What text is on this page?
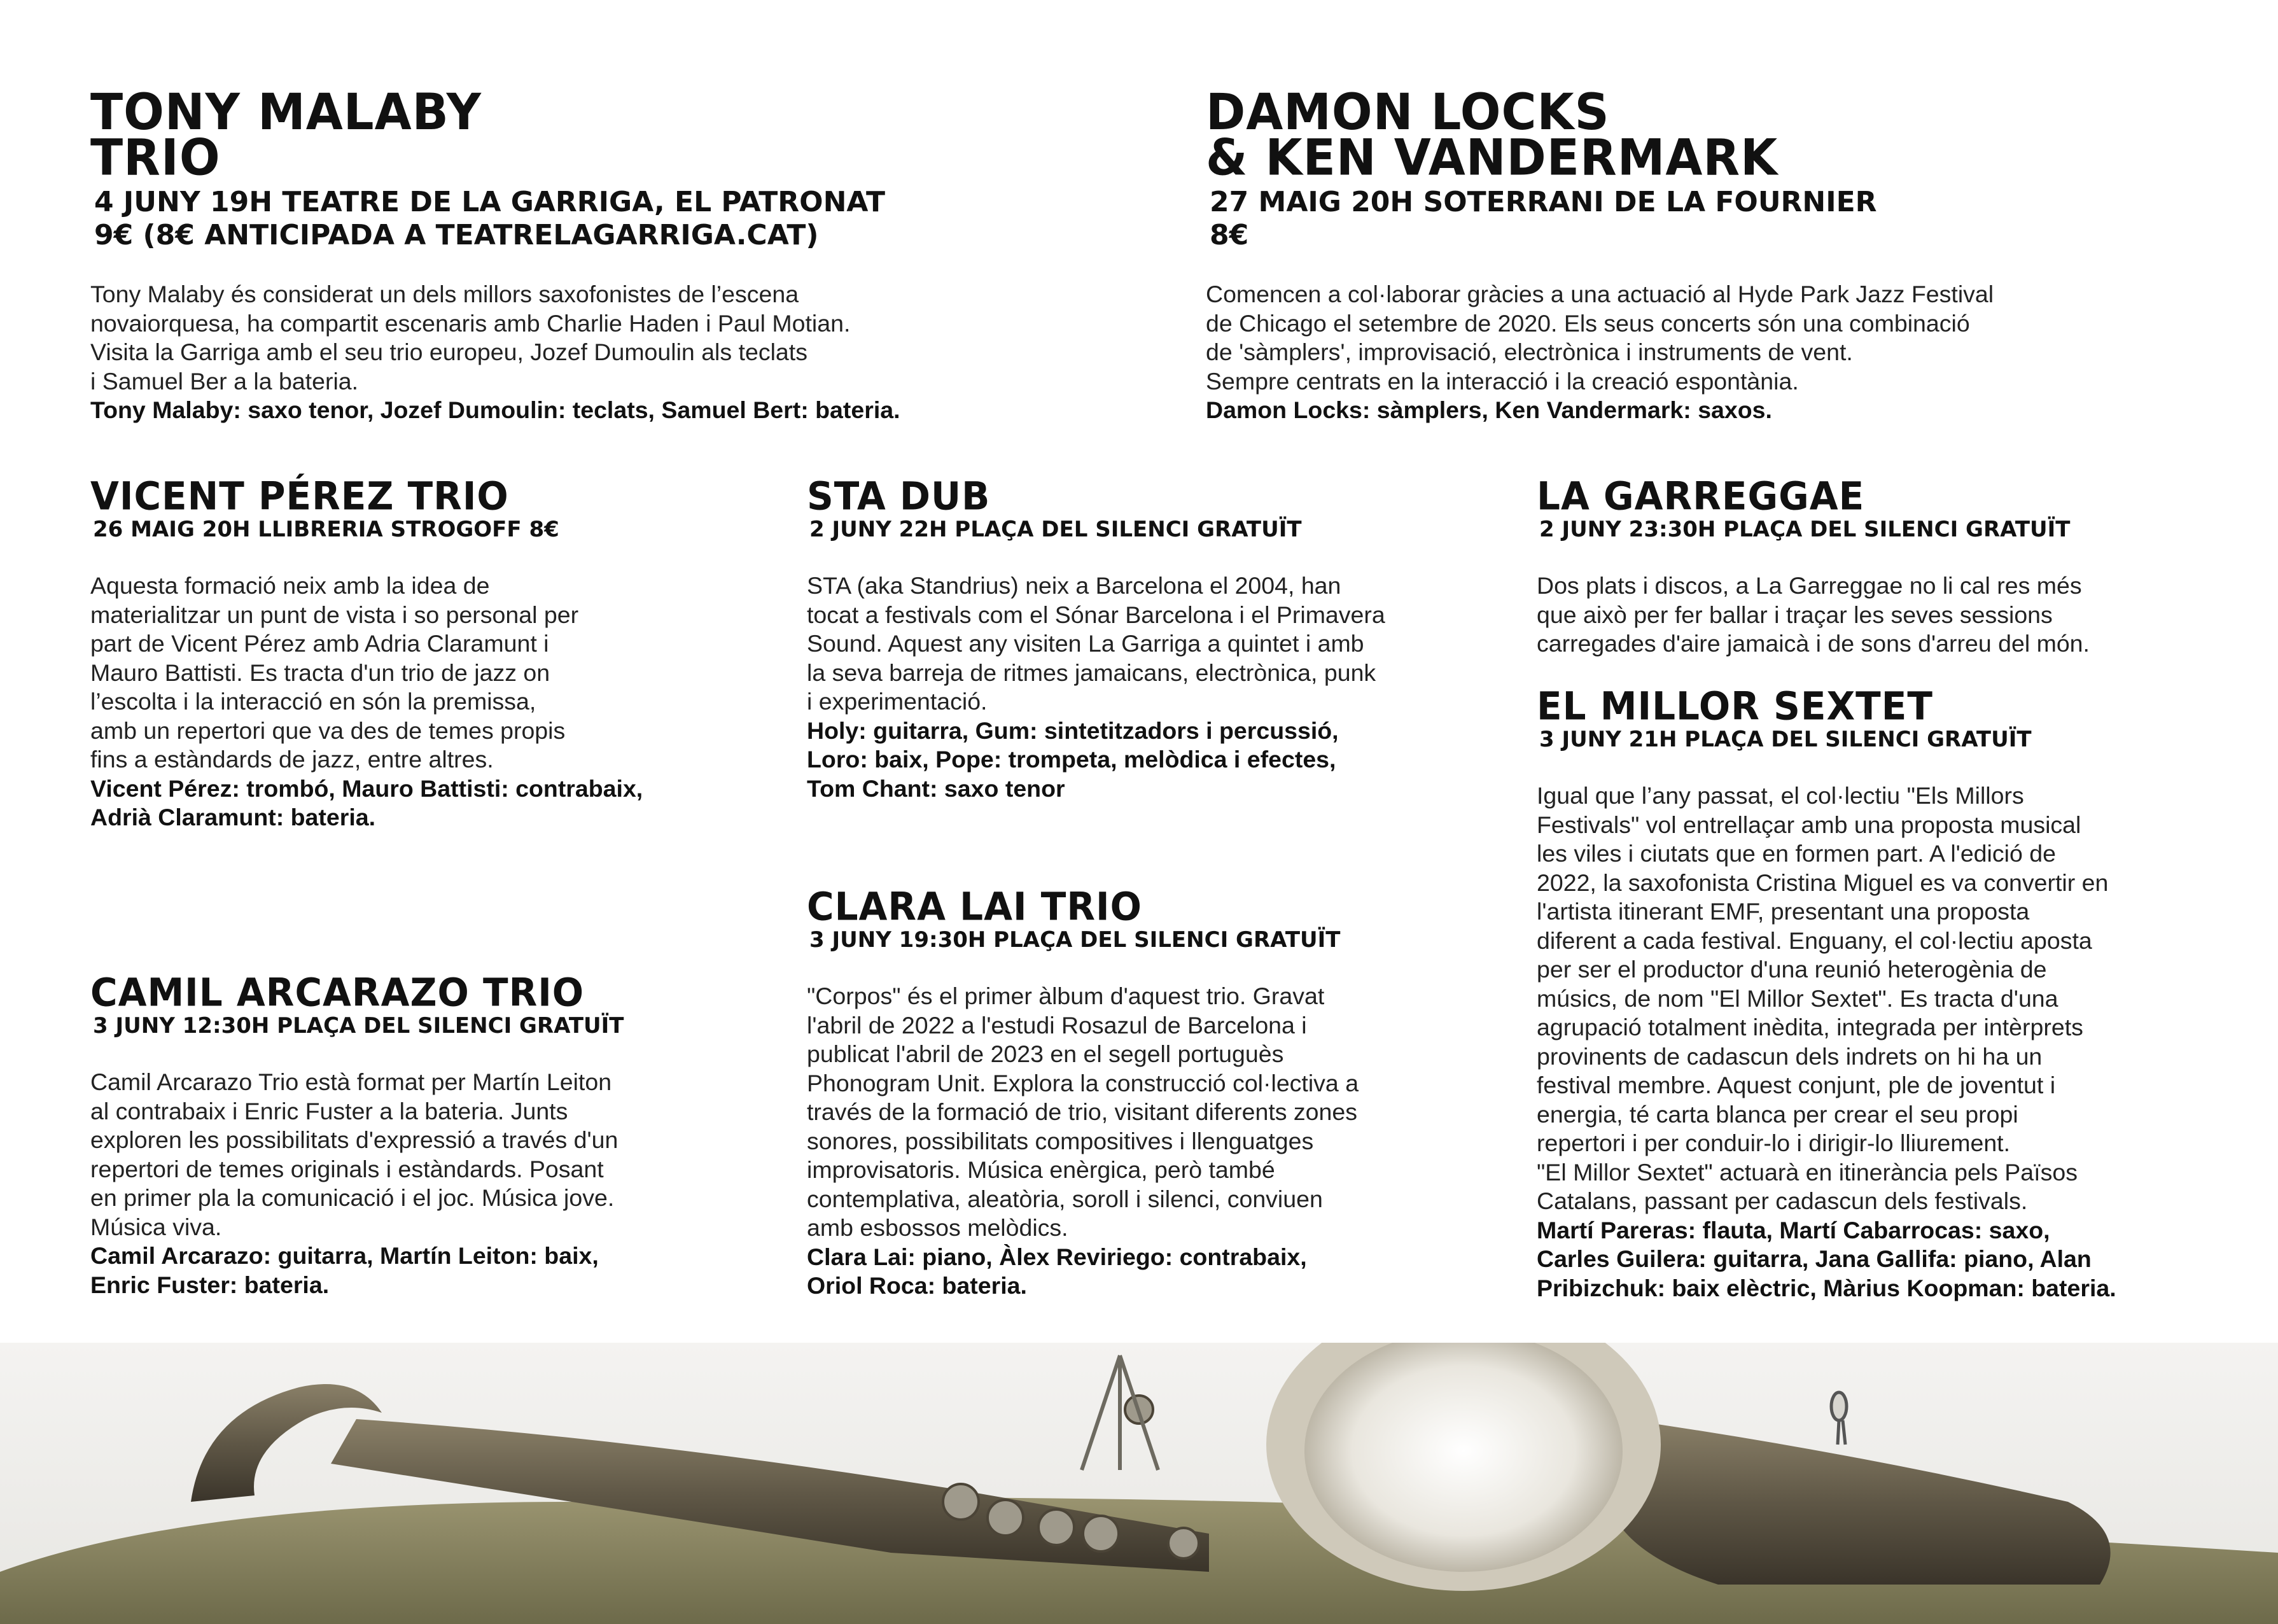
TONY MALABY
TRIO

4 JUNY 19H TEATRE DE LA GARRIGA, EL PATRONAT
9€ (8€ ANTICIPADA A TEATRELAGARRIGA.CAT)

Tony Malaby és considerat un dels millors saxofonistes de l’escena
novaiorquesa, ha compartit escenaris amb Charlie Haden i Paul Motian.
Visita la Garriga amb el seu trio europeu, Jozef Dumoulin als teclats
i Samuel Ber a la bateria.

Tony Malaby: saxo tenor, Jozef Dumoulin: teclats, Samuel Bert: bateria.

DAMON LOCKS
& KEN VANDERMARK

27 MAIG 20H SOTERRANI DE LA FOURNIER
8€

Comencen a col·laborar gràcies a una actuació al Hyde Park Jazz Festival
de Chicago el setembre de 2020. Els seus concerts són una combinació
de 'sàmplers', improvisació, electrònica i instruments de vent.
Sempre centrats en la interacció i la creació espontània.

Damon Locks: sàmplers, Ken Vandermark: saxos.

VICENT PÉREZ TRIO

26 MAIG 20H LLIBRERIA STROGOFF 8€

Aquesta formació neix amb la idea de
materialitzar un punt de vista i so personal per
part de Vicent Pérez amb Adria Claramunt i
Mauro Battisti. Es tracta d'un trio de jazz on
l’escolta i la interacció en són la premissa,
amb un repertori que va des de temes propis
fins a estàndards de jazz, entre altres.

Vicent Pérez: trombó, Mauro Battisti: contrabaix,
Adrià Claramunt: bateria.

STA DUB

2 JUNY 22H PLAÇA DEL SILENCI GRATUÏT

STA (aka Standrius) neix a Barcelona el 2004, han
tocat a festivals com el Sónar Barcelona i el Primavera
Sound. Aquest any visiten La Garriga a quintet i amb
la seva barreja de ritmes jamaicans, electrònica, punk
i experimentació.

Holy: guitarra, Gum: sintetitzadors i percussió,
Loro: baix, Pope: trompeta, melòdica i efectes,
Tom Chant: saxo tenor

LA GARREGGAE

2 JUNY 23:30H PLAÇA DEL SILENCI GRATUÏT

Dos plats i discos, a La Garreggae no li cal res més
que això per fer ballar i traçar les seves sessions
carregades d'aire jamaicà i de sons d'arreu del món.

EL MILLOR SEXTET

3 JUNY 21H PLAÇA DEL SILENCI GRATUÏT

Igual que l’any passat, el col·lectiu "Els Millors
Festivals" vol entrellaçar amb una proposta musical
les viles i ciutats que en formen part. A l'edició de
2022, la saxofonista Cristina Miguel es va convertir en
l'artista itinerant EMF, presentant una proposta
diferent a cada festival. Enguany, el col·lectiu aposta
per ser el productor d'una reunió heterogènia de
músics, de nom "El Millor Sextet". Es tracta d'una
agrupació totalment inèdita, integrada per intèrprets
provinents de cadascun dels indrets on hi ha un
festival membre. Aquest conjunt, ple de joventut i
energia, té carta blanca per crear el seu propi
repertori i per conduir-lo i dirigir-lo lliurement.
"El Millor Sextet" actuarà en itinerància pels Països
Catalans, passant per cadascun dels festivals.

Martí Pareras: flauta, Martí Cabarrocas: saxo,
Carles Guilera: guitarra, Jana Gallifa: piano, Alan
Pribizchuk: baix elèctric, Màrius Koopman: bateria.

CLARA LAI TRIO

3 JUNY 19:30H PLAÇA DEL SILENCI GRATUÏT

"Corpos" és el primer àlbum d'aquest trio. Gravat
l'abril de 2022 a l'estudi Rosazul de Barcelona i
publicat l'abril de 2023 en el segell portuguès
Phonogram Unit. Explora la construcció col·lectiva a
través de la formació de trio, visitant diferents zones
sonores, possibilitats compositives i llenguatges
improvisatoris. Música enèrgica, però també
contemplativa, aleatòria, soroll i silenci, conviuen
amb esbossos melòdics.

Clara Lai: piano, Àlex Reviriego: contrabaix,
Oriol Roca: bateria.

CAMIL ARCARAZO TRIO

3 JUNY 12:30H PLAÇA DEL SILENCI GRATUÏT

Camil Arcarazo Trio està format per Martín Leiton
al contrabaix i Enric Fuster a la bateria. Junts
exploren les possibilitats d'expressió a través d'un
repertori de temes originals i estàndards. Posant
en primer pla la comunicació i el joc. Música jove.
Música viva.

Camil Arcarazo: guitarra, Martín Leiton: baix,
Enric Fuster: bateria.
